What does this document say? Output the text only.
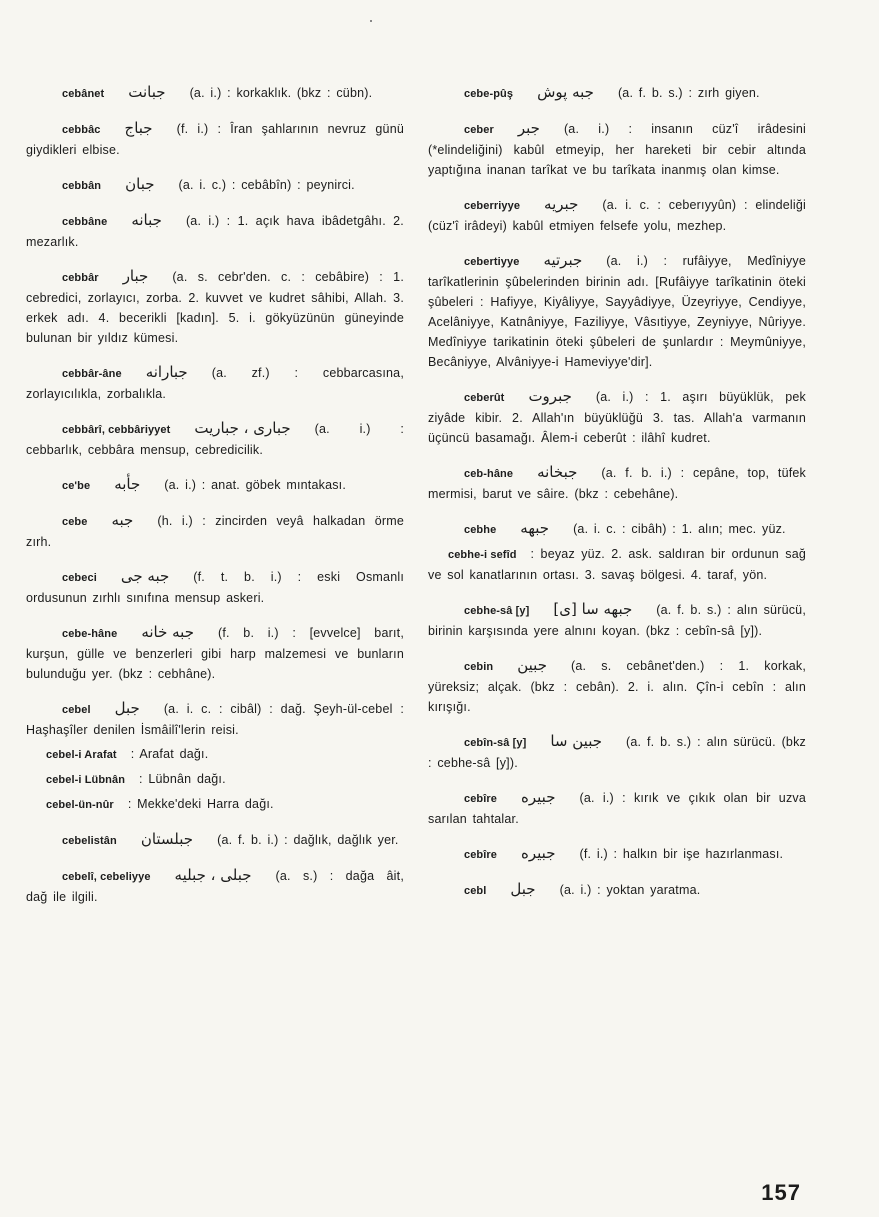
cebânet جبانت (a. i.) : korkaklık. (bkz : cübn).
cebbâc جباج (f. i.) : Îran şahlarının nevruz günü giydikleri elbise.
cebbân جبان (a. i. c.) : cebâbîn) : peynirci.
cebbâne جبانه (a. i.) : 1. açık hava ibâdetgâhı. 2. mezarlık.
cebbâr جبار (a. s. cebr'den. c. : cebâbire) : 1. cebredici, zorlayıcı, zorba. 2. kuvvet ve kudret sâhibi, Allah. 3. erkek adı. 4. becerikli [kadın]. 5. i. gökyüzünün güneyinde bulunan bir yıldız kümesi.
cebbâr-âne جبارانه (a. zf.) : cebbarcasına, zorlayıcılıkla, zorbalıkla.
cebbârî, cebbâriyyet جباری ، جباریت (a. i.) : cebbarlık, cebbâra mensup, cebredicilik.
ce'be جأبه (a. i.) : anat. göbek mıntakası.
cebe جبه (h. i.) : zincirden veyâ halkadan örme zırh.
cebeci جبه جی (f. t. b. i.) : eski Osmanlı ordusunun zırhlı sınıfına mensup askeri.
cebe-hâne جبه خانه (f. b. i.) : [evvelce] barıt, kurşun, gülle ve benzerleri gibi harp malzemesi ve bunların bulunduğu yer. (bkz : cebhâne).
cebel جبل (a. i. c. : cibâl) : dağ. Şeyh-ül-cebel : Haşhaşîler denilen İsmâilî'lerin reisi.
cebel-i Arafat : Arafat dağı.
cebel-i Lübnân : Lübnân dağı.
cebel-ün-nûr : Mekke'deki Harra dağı.
cebelistân جبلستان (a. f. b. i.) : dağlık, dağlık yer.
cebelî, cebeliyye جبلی ، جبليه (a. s.) : dağa âit, dağ ile ilgili.
cebe-pûş جبه پوش (a. f. b. s.) : zırh giyen.
ceber جبر (a. i.) : insanın cüz'î irâdesini (*elindeliğini) kabûl etmeyip, her hareketi bir cebir altında yaptığına inanan tarîkat ve bu tarîkata inanmış olan kimse.
ceberriyye جبريه (a. i. c. : ceberıyyûn) : elindeliği (cüz'î irâdeyi) kabûl etmiyen felsefe yolu, mezhep.
cebertiyye جبرتيه (a. i.) : rufâiyye, Medîniyye tarîkatlerinin şûbelerinden birinin adı. [Rufâiyye tarîkatinin öteki şûbeleri : Hafiyye, Kiyâliyye, Sayyâdiyye, Üzeyriyye, Cendiyye, Acelâniyye, Katnâniyye, Faziliyye, Vâsıtiyye, Zeyniyye, Nûriyye. Medîniyye tarikatinin öteki şûbeleri de şunlardır : Meymûniyye, Becâniyye, Alvâniyye-i Hameviyye'dir].
ceberût جبروت (a. i.) : 1. aşırı büyüklük, pek ziyâde kibir. 2. Allah'ın büyüklüğü 3. tas. Allah'a varmanın üçüncü basamağı. Âlem-i ceberût : ilâhî kudret.
ceb-hâne جبخانه (a. f. b. i.) : cepâne, top, tüfek mermisi, barut ve sâire. (bkz : cebehâne).
cebhe جبهه (a. i. c. : cibâh) : 1. alın; mec. yüz.
cebhe-i sefîd : beyaz yüz. 2. ask. saldıran bir ordunun sağ ve sol kanatlarının ortası. 3. savaş bölgesi. 4. taraf, yön.
cebhe-sâ [y] جبهه سا [ی] (a. f. b. s.) : alın sürücü, birinin karşısında yere alnını koyan. (bkz : cebîn-sâ [y]).
cebin جبين (a. s. cebânet'den.) : 1. korkak, yüreksiz; alçak. (bkz : cebân). 2. i. alın. Çîn-i cebîn : alın kırışığı.
cebîn-sâ [y] جبين سا (a. f. b. s.) : alın sürücü. (bkz : cebhe-sâ [y]).
cebîre جبيره (a. i.) : kırık ve çıkık olan bir uzva sarılan tahtalar.
cebîre جبيره (f. i.) : halkın bir işe hazırlanması.
cebl جبل (a. i.) : yoktan yaratma.
157
